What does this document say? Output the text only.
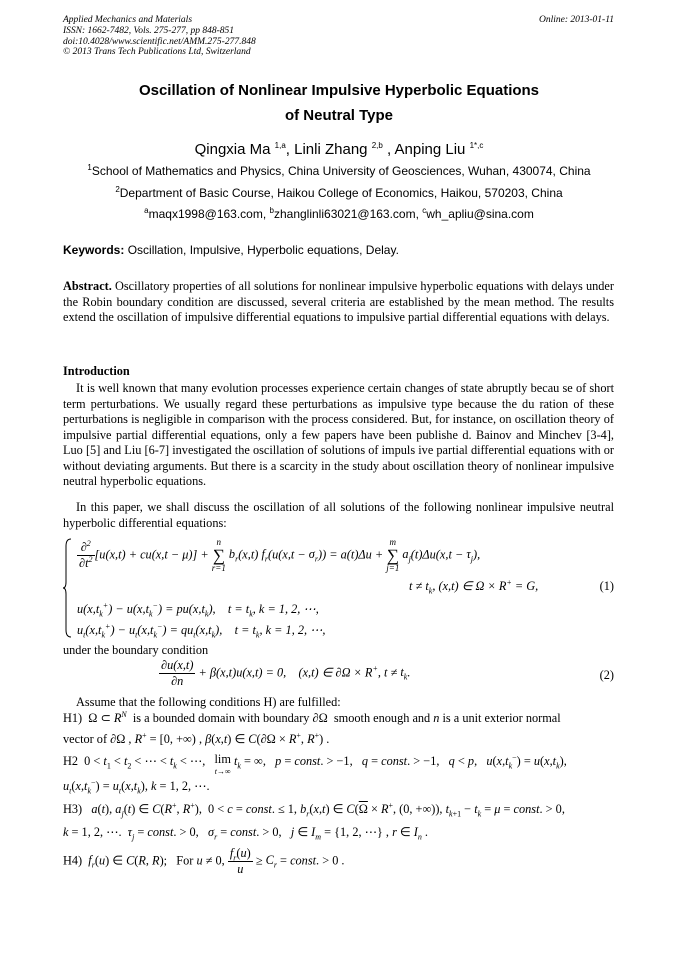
Applied Mechanics and Materials
ISSN: 1662-7482, Vols. 275-277, pp 848-851
doi:10.4028/www.scientific.net/AMM.275-277.848
© 2013 Trans Tech Publications Ltd, Switzerland
Online: 2013-01-11
Oscillation of Nonlinear Impulsive Hyperbolic Equations
of Neutral Type
Qingxia Ma $^{1,a}$, Linli Zhang $^{2,b}$ , Anping Liu $^{1*,c}$
$^1$School of Mathematics and Physics, China University of Geosciences, Wuhan, 430074, China
$^2$Department of Basic Course, Haikou College of Economics, Haikou, 570203, China
$^a$maqx1998@163.com, $^b$zhanglinli63021@163.com, $^c$wh_apliu@sina.com
Keywords: Oscillation, Impulsive, Hyperbolic equations, Delay.
Abstract. Oscillatory properties of all solutions for nonlinear impulsive hyperbolic equations with delays under the Robin boundary condition are discussed, several criteria are established by the mean method. The results extend the oscillation of impulsive differential equations to impulsive partial differential equations with delays.
Introduction
It is well known that many evolution processes experience certain changes of state abruptly becau se of short term perturbations. We usually regard these perturbations as impulsive type because the du ration of these perturbations is negligible in comparison with the process considered. But, for instance, on oscillation theory of impulsive partial differential equations, only a few papers have been publishe d. Bainov and Minchev [3-4], Luo [5] and Liu [6-7] investigated the oscillation of solutions of impuls ive partial differential equations with or without deviating arguments. But there is a scarcity in the study about oscillation theory of nonlinear impulsive neutral hyperbolic equations.
In this paper, we shall discuss the oscillation of all solutions of the following nonlinear impulsive neutral hyperbolic differential equations:
$\frac{\partial^2}{\partial t^2} [u(x,t) + cu(x,t - \mu)]$ +
n
∑
r=1
$b_r(x,t) f_r(u(x,t - \sigma_r)) = a(t)\Delta u$ +
m
∑
j=1
$a_j(t)\Delta u(x,t - \tau_j)$,
$t \ne t_k$, (x,t) ∈ Ω × R+ = G,	(1)
$u(x,t_k^+) - u(x,t_k^-) = pu(x,t_k)$,    $t = t_k$, k = 1, 2, ⋯,
$u_t(x,t_k^+) - u_t(x,t_k^-) = qu_t(x,t_k)$,    $t = t_k$, k = 1, 2, ⋯,
under the boundary condition
$\frac{\partial u(x,t)}{\partial n} + \beta(x,t)u(x,t) = 0$,    (x,t) ∈ ∂Ω × R+, $t \ne t_k$.	(2)
Assume that the following conditions H) are fulfilled:
H1)  Ω ⊂ $R^N$  is a bounded domain with boundary ∂Ω  smooth enough and n is a unit exterior normal
vector of ∂Ω , R+ = [0, +∞) , β(x,t) ∈ C(∂Ω × R+, R+) .
H2  $0 < t_1 < t_2$ < ⋯ < $t_k$ < ⋯,   lim
t→∞ $t_k$ = ∞,   p = const. > −1,   q = const. > −1,   q < p,   $u(x,t_k^-) = u(x,t_k)$,
$u_t(x,t_k^-) = u_t(x,t_k)$, k = 1, 2, ⋯.
H3) a(t), $a_j(t)$ ∈ C(R+, R+),  0 < c = const. ≤ 1, $b_r(x,t)$ ∈ $C(\overline{\Omega} \times R^+$, (0, +∞)), $t_{k+1} - t_k = \mu$ = const. > 0,
k = 1, 2, ⋯.  $\tau_j$ = const. > 0,   $\sigma_r$ = const. > 0,   j ∈ $I_m = \{1$, 2, ⋯} , r ∈ $I_n$ .
H4) $f_r(u)$ ∈ C(R, R);   For u ≠ 0, $\frac{f_r(u)}{u} \ge C_r$ = const. > 0 .
